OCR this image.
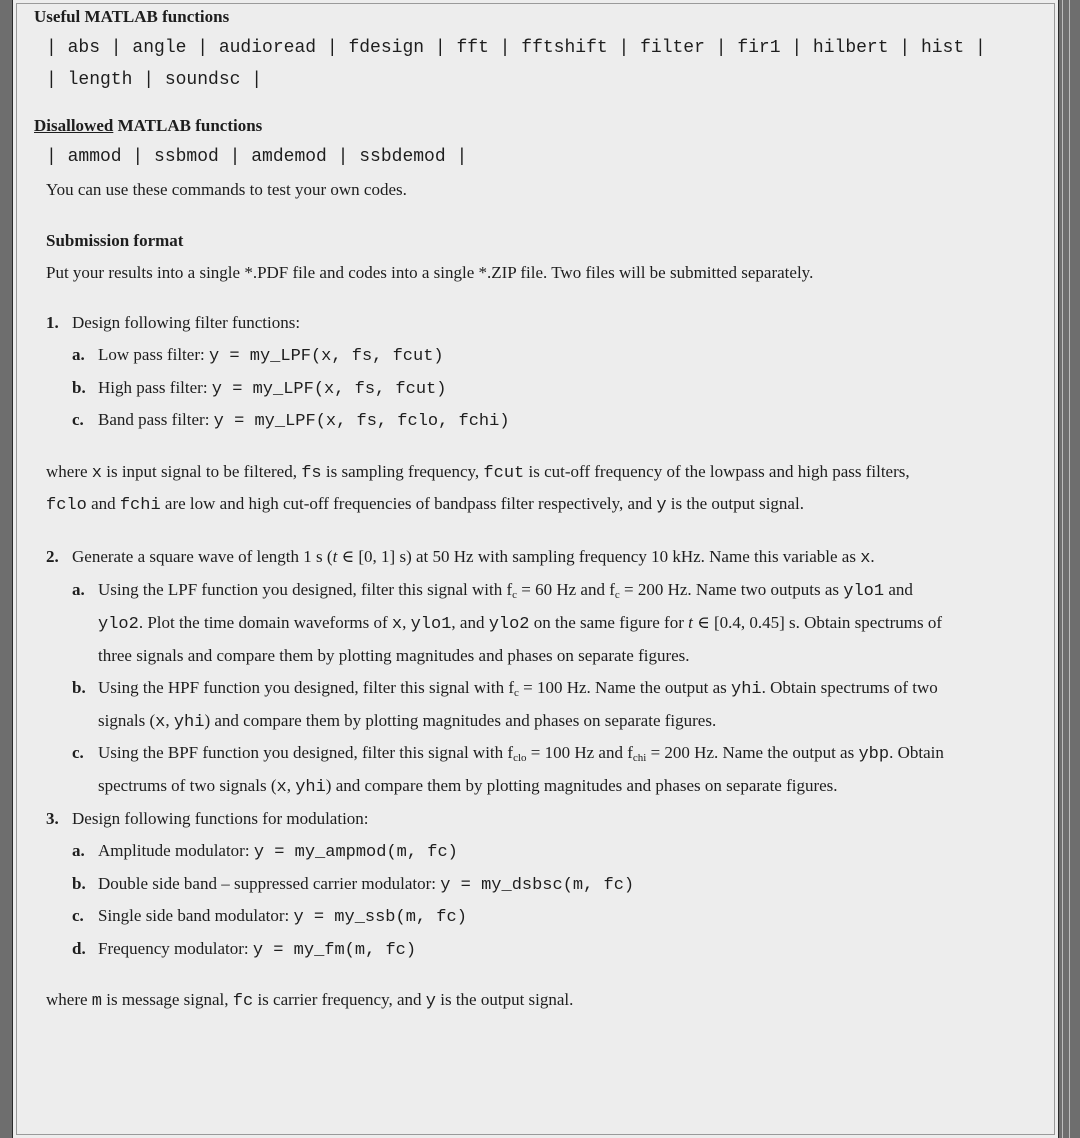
Useful MATLAB functions
| abs | angle | audioread | fdesign | fft | fftshift | filter | fir1 | hilbert | hist |
| length | soundsc |
Disallowed MATLAB functions
| ammod | ssbmod | amdemod | ssbdemod |
You can use these commands to test your own codes.
Submission format
Put your results into a single *.PDF file and codes into a single *.ZIP file. Two files will be submitted separately.
1. Design following filter functions:
a. Low pass filter: y = my_LPF(x, fs, fcut)
b. High pass filter: y = my_LPF(x, fs, fcut)
c. Band pass filter: y = my_LPF(x, fs, fclo, fchi)
where x is input signal to be filtered, fs is sampling frequency, fcut is cut-off frequency of the lowpass and high pass filters,
fclo and fchi are low and high cut-off frequencies of bandpass filter respectively, and y is the output signal.
2. Generate a square wave of length 1 s (t ∈ [0, 1] s) at 50 Hz with sampling frequency 10 kHz. Name this variable as x.
a. Using the LPF function you designed, filter this signal with $f_c = 60$ Hz and $f_c = 200$ Hz. Name two outputs as ylo1 and
ylo2. Plot the time domain waveforms of x, ylo1, and ylo2 on the same figure for t ∈ [0.4, 0.45] s. Obtain spectrums of
three signals and compare them by plotting magnitudes and phases on separate figures.
b. Using the HPF function you designed, filter this signal with $f_c = 100$ Hz. Name the output as yhi. Obtain spectrums of two
signals (x, yhi) and compare them by plotting magnitudes and phases on separate figures.
c. Using the BPF function you designed, filter this signal with $f_{clo} = 100$ Hz and $f_{chi} = 200$ Hz. Name the output as ybp. Obtain
spectrums of two signals (x, yhi) and compare them by plotting magnitudes and phases on separate figures.
3. Design following functions for modulation:
a. Amplitude modulator: y = my_ampmod(m, fc)
b. Double side band – suppressed carrier modulator: y = my_dsbsc(m, fc)
c. Single side band modulator: y = my_ssb(m, fc)
d. Frequency modulator: y = my_fm(m, fc)
where m is message signal, fc is carrier frequency, and y is the output signal.
